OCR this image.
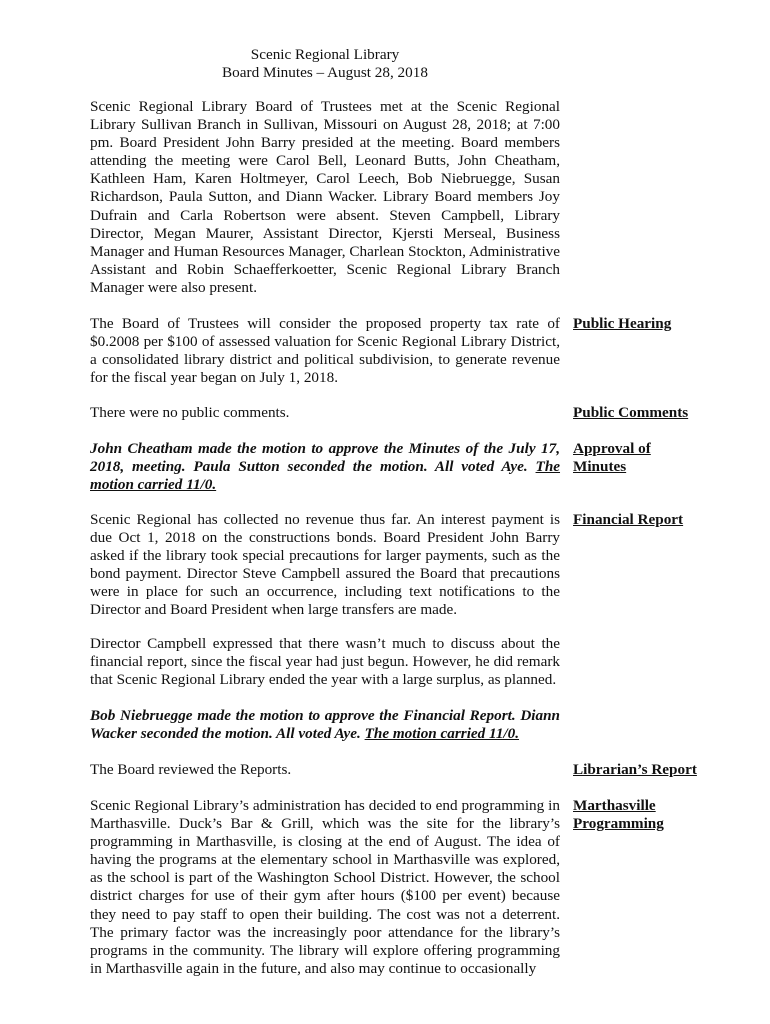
Scenic Regional Library
Board Minutes – August 28, 2018

Scenic Regional Library Board of Trustees met at the Scenic Regional Library Sullivan Branch in Sullivan, Missouri on August 28, 2018; at 7:00 pm. Board President John Barry presided at the meeting. Board members attending the meeting were Carol Bell, Leonard Butts, John Cheatham, Kathleen Ham, Karen Holtmeyer, Carol Leech, Bob Niebruegge, Susan Richardson, Paula Sutton, and Diann Wacker. Library Board members Joy Dufrain and Carla Robertson were absent. Steven Campbell, Library Director, Megan Maurer, Assistant Director, Kjersti Merseal, Business Manager and Human Resources Manager, Charlean Stockton, Administrative Assistant and Robin Schaefferkoetter, Scenic Regional Library Branch Manager were also present.

The Board of Trustees will consider the proposed property tax rate of $0.2008 per $100 of assessed valuation for Scenic Regional Library District, a consolidated library district and political subdivision, to generate revenue for the fiscal year began on July 1, 2018.

Public Hearing

There were no public comments.	Public Comments

John Cheatham made the motion to approve the Minutes of the July 17, 2018, meeting. Paula Sutton seconded the motion. All voted Aye. The motion carried 11/0.

Approval of
Minutes

Scenic Regional has collected no revenue thus far. An interest payment is due Oct 1, 2018 on the constructions bonds. Board President John Barry asked if the library took special precautions for larger payments, such as the bond payment. Director Steve Campbell assured the Board that precautions were in place for such an occurrence, including text notifications to the Director and Board President when large transfers are made.

Financial Report

Director Campbell expressed that there wasn’t much to discuss about the financial report, since the fiscal year had just begun. However, he did remark that Scenic Regional Library ended the year with a large surplus, as planned.

Bob Niebruegge made the motion to approve the Financial Report. Diann Wacker seconded the motion. All voted Aye. The motion carried 11/0.

The Board reviewed the Reports.	Librarian’s Report

Scenic Regional Library’s administration has decided to end programming in Marthasville. Duck’s Bar & Grill, which was the site for the library’s programming in Marthasville, is closing at the end of August. The idea of having the programs at the elementary school in Marthasville was explored, as the school is part of the Washington School District. However, the school district charges for use of their gym after hours ($100 per event) because they need to pay staff to open their building. The cost was not a deterrent. The primary factor was the increasingly poor attendance for the library’s programs in the community. The library will explore offering programming in Marthasville again in the future, and also may continue to occasionally

Marthasville
Programming
